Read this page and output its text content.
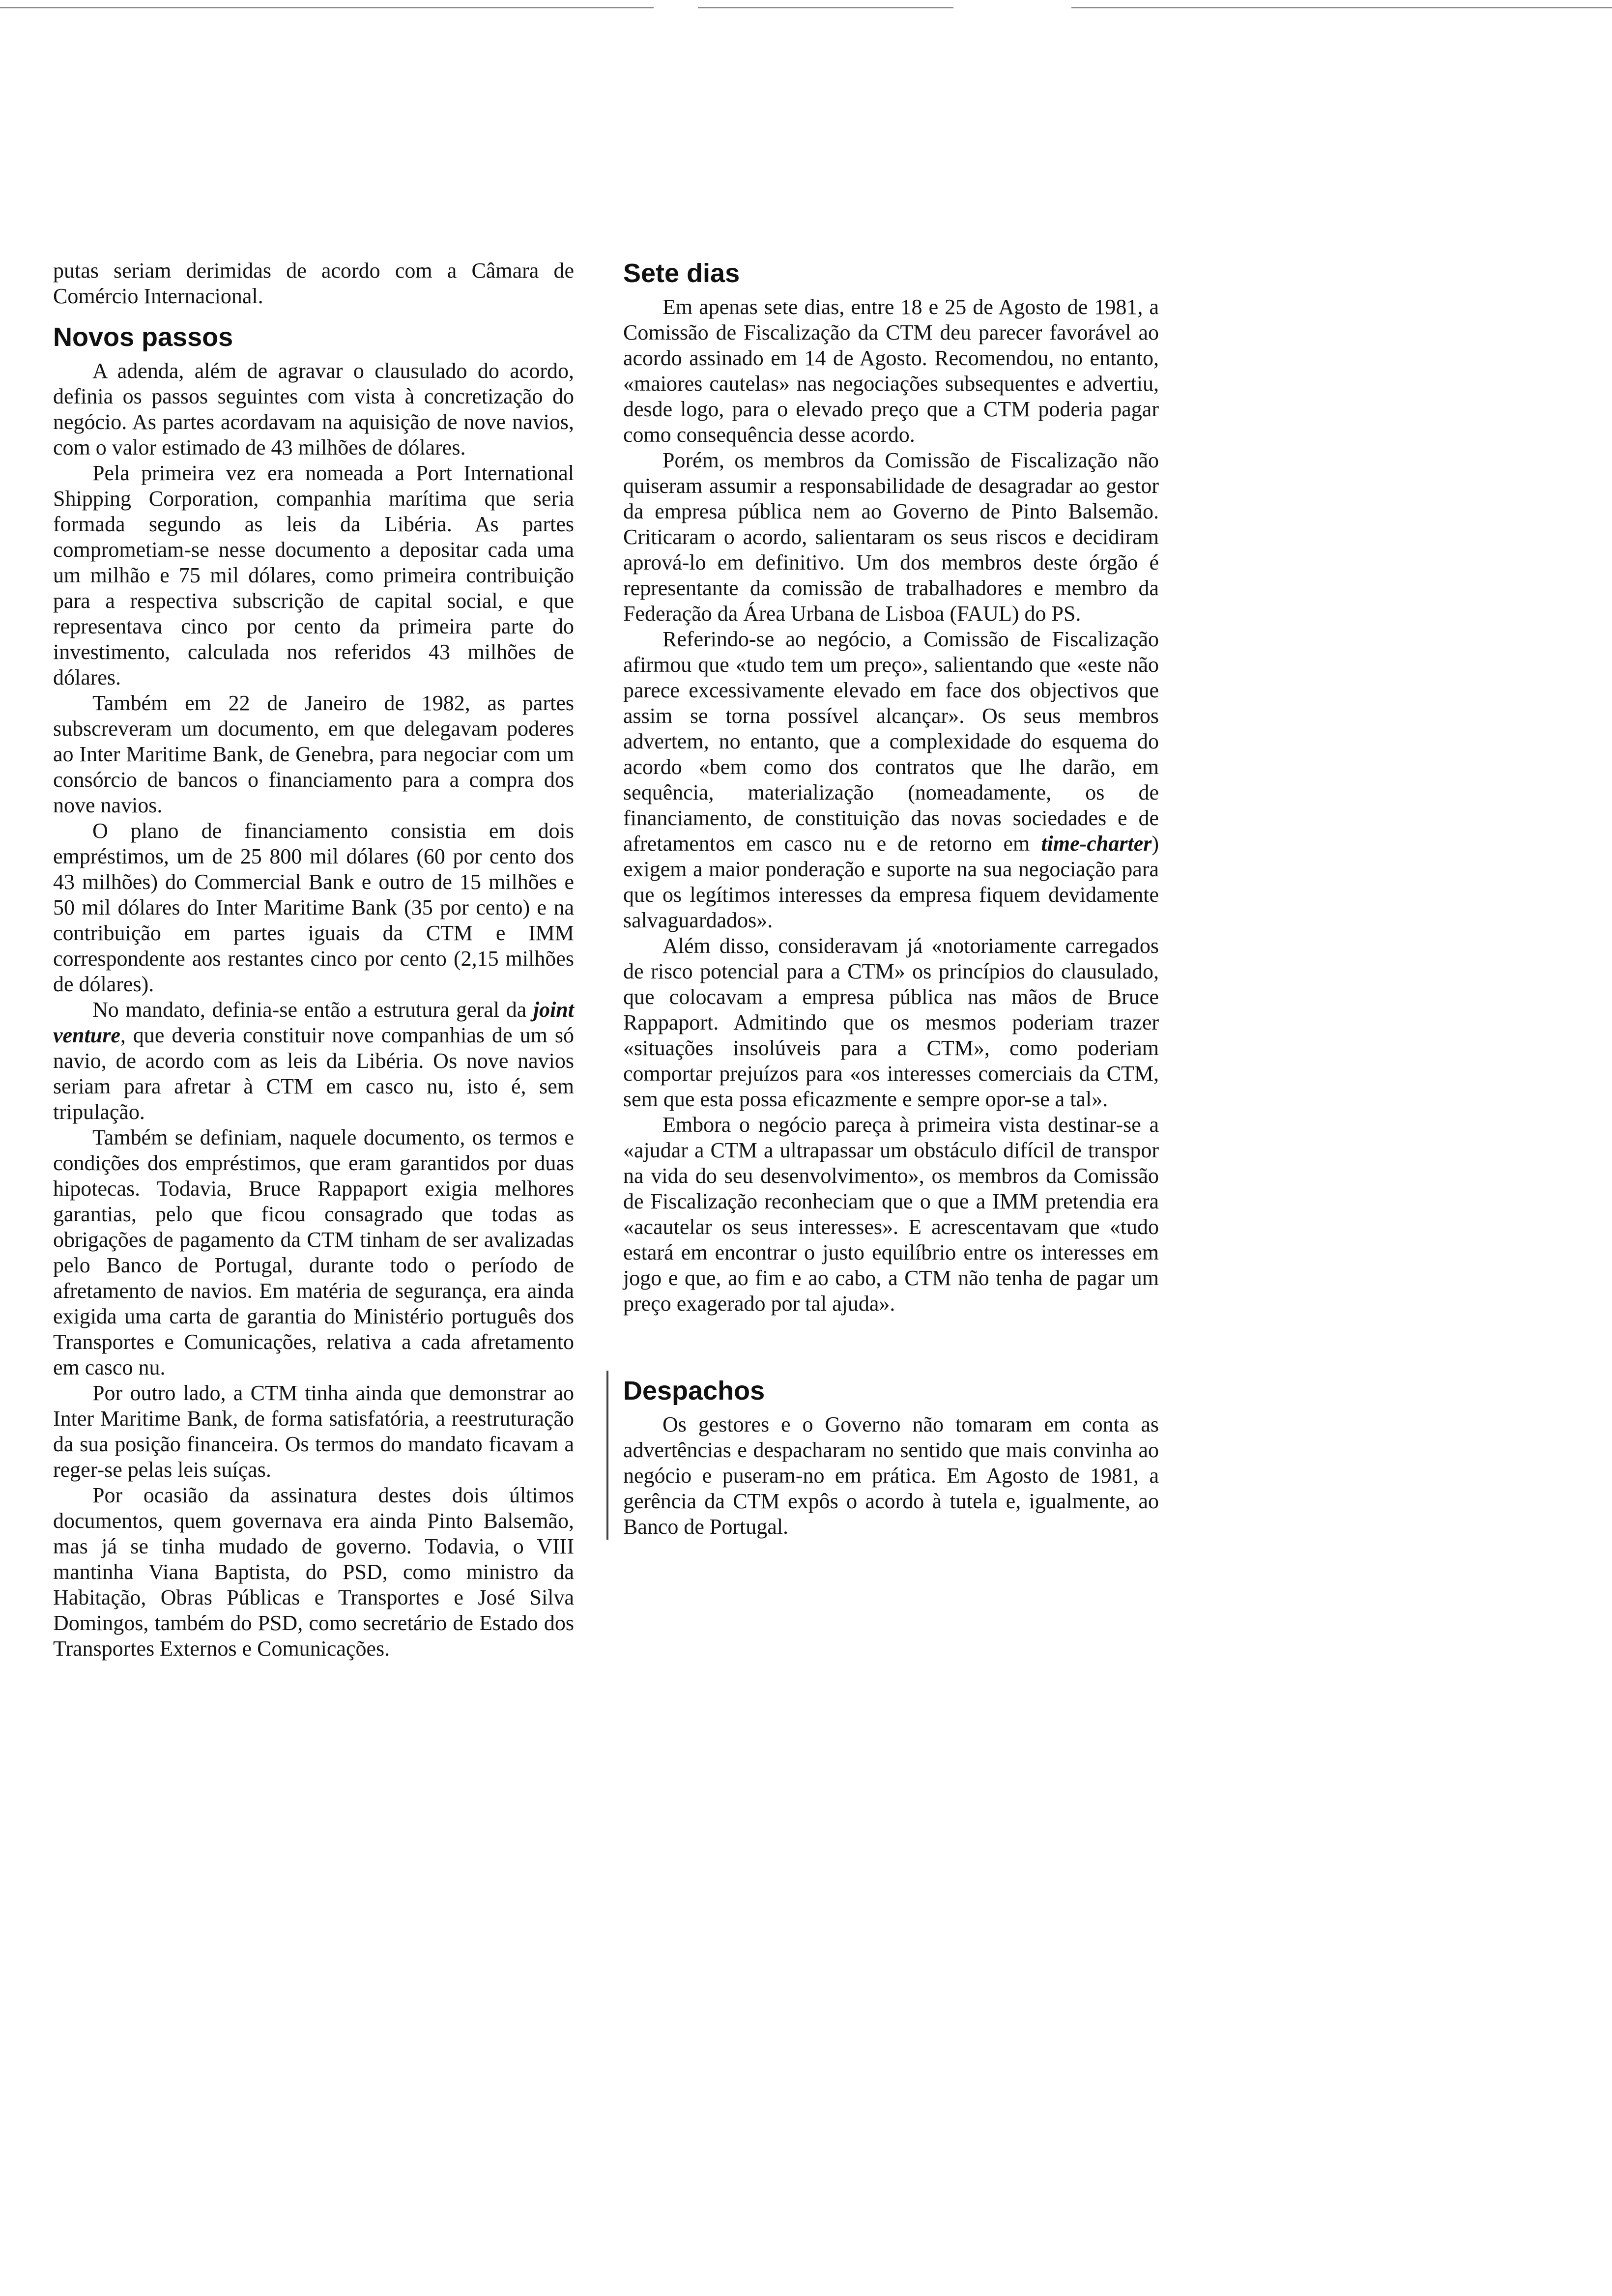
putas seriam derimidas de acordo com a Câmara de Comércio Internacional.

Novos passos

A adenda, além de agravar o clausulado do acordo, definia os passos seguintes com vista à concretização do negócio. As partes acordavam na aquisição de nove navios, com o valor estimado de 43 milhões de dólares.

Pela primeira vez era nomeada a Port International Shipping Corporation, companhia marítima que seria formada segundo as leis da Libéria. As partes comprometiam-se nesse documento a depositar cada uma um milhão e 75 mil dólares, como primeira contribuição para a respectiva subscrição de capital social, e que representava cinco por cento da primeira parte do investimento, calculada nos referidos 43 milhões de dólares.

Também em 22 de Janeiro de 1982, as partes subscreveram um documento, em que delegavam poderes ao Inter Maritime Bank, de Genebra, para negociar com um consórcio de bancos o financiamento para a compra dos nove navios.

O plano de financiamento consistia em dois empréstimos, um de 25 800 mil dólares (60 por cento dos 43 milhões) do Commercial Bank e outro de 15 milhões e 50 mil dólares do Inter Maritime Bank (35 por cento) e na contribuição em partes iguais da CTM e IMM correspondente aos restantes cinco por cento (2,15 milhões de dólares).

No mandato, definia-se então a estrutura geral da joint venture, que deveria constituir nove companhias de um só navio, de acordo com as leis da Libéria. Os nove navios seriam para afretar à CTM em casco nu, isto é, sem tripulação.

Também se definiam, naquele documento, os termos e condições dos empréstimos, que eram garantidos por duas hipotecas. Todavia, Bruce Rappaport exigia melhores garantias, pelo que ficou consagrado que todas as obrigações de pagamento da CTM tinham de ser avalizadas pelo Banco de Portugal, durante todo o período de afretamento de navios. Em matéria de segurança, era ainda exigida uma carta de garantia do Ministério português dos Transportes e Comunicações, relativa a cada afretamento em casco nu.

Por outro lado, a CTM tinha ainda que demonstrar ao Inter Maritime Bank, de forma satisfatória, a reestruturação da sua posição financeira. Os termos do mandato ficavam a reger-se pelas leis suíças.

Por ocasião da assinatura destes dois últimos documentos, quem governava era ainda Pinto Balsemão, mas já se tinha mudado de governo. Todavia, o VIII mantinha Viana Baptista, do PSD, como ministro da Habitação, Obras Públicas e Transportes e José Silva Domingos, também do PSD, como secretário de Estado dos Transportes Externos e Comunicações.

Sete dias

Em apenas sete dias, entre 18 e 25 de Agosto de 1981, a Comissão de Fiscalização da CTM deu parecer favorável ao acordo assinado em 14 de Agosto. Recomendou, no entanto, «maiores cautelas» nas negociações subsequentes e advertiu, desde logo, para o elevado preço que a CTM poderia pagar como consequência desse acordo.

Porém, os membros da Comissão de Fiscalização não quiseram assumir a responsabilidade de desagradar ao gestor da empresa pública nem ao Governo de Pinto Balsemão. Criticaram o acordo, salientaram os seus riscos e decidiram aprová-lo em definitivo. Um dos membros deste órgão é representante da comissão de trabalhadores e membro da Federação da Área Urbana de Lisboa (FAUL) do PS.

Referindo-se ao negócio, a Comissão de Fiscalização afirmou que «tudo tem um preço», salientando que «este não parece excessivamente elevado em face dos objectivos que assim se torna possível alcançar». Os seus membros advertem, no entanto, que a complexidade do esquema do acordo «bem como dos contratos que lhe darão, em sequência, materialização (nomeadamente, os de financiamento, de constituição das novas sociedades e de afretamentos em casco nu e de retorno em time-charter) exigem a maior ponderação e suporte na sua negociação para que os legítimos interesses da empresa fiquem devidamente salvaguardados».

Além disso, consideravam já «notoriamente carregados de risco potencial para a CTM» os princípios do clausulado, que colocavam a empresa pública nas mãos de Bruce Rappaport. Admitindo que os mesmos poderiam trazer «situações insolúveis para a CTM», como poderiam comportar prejuízos para «os interesses comerciais da CTM, sem que esta possa eficazmente e sempre opor-se a tal».

Embora o negócio pareça à primeira vista destinar-se a «ajudar a CTM a ultrapassar um obstáculo difícil de transpor na vida do seu desenvolvimento», os membros da Comissão de Fiscalização reconheciam que o que a IMM pretendia era «acautelar os seus interesses». E acrescentavam que «tudo estará em encontrar o justo equilíbrio entre os interesses em jogo e que, ao fim e ao cabo, a CTM não tenha de pagar um preço exagerado por tal ajuda».

Despachos

Os gestores e o Governo não tomaram em conta as advertências e despacharam no sentido que mais convinha ao negócio e puseram-no em prática. Em Agosto de 1981, a gerência da CTM expôs o acordo à tutela e, igualmente, ao Banco de Portugal.
